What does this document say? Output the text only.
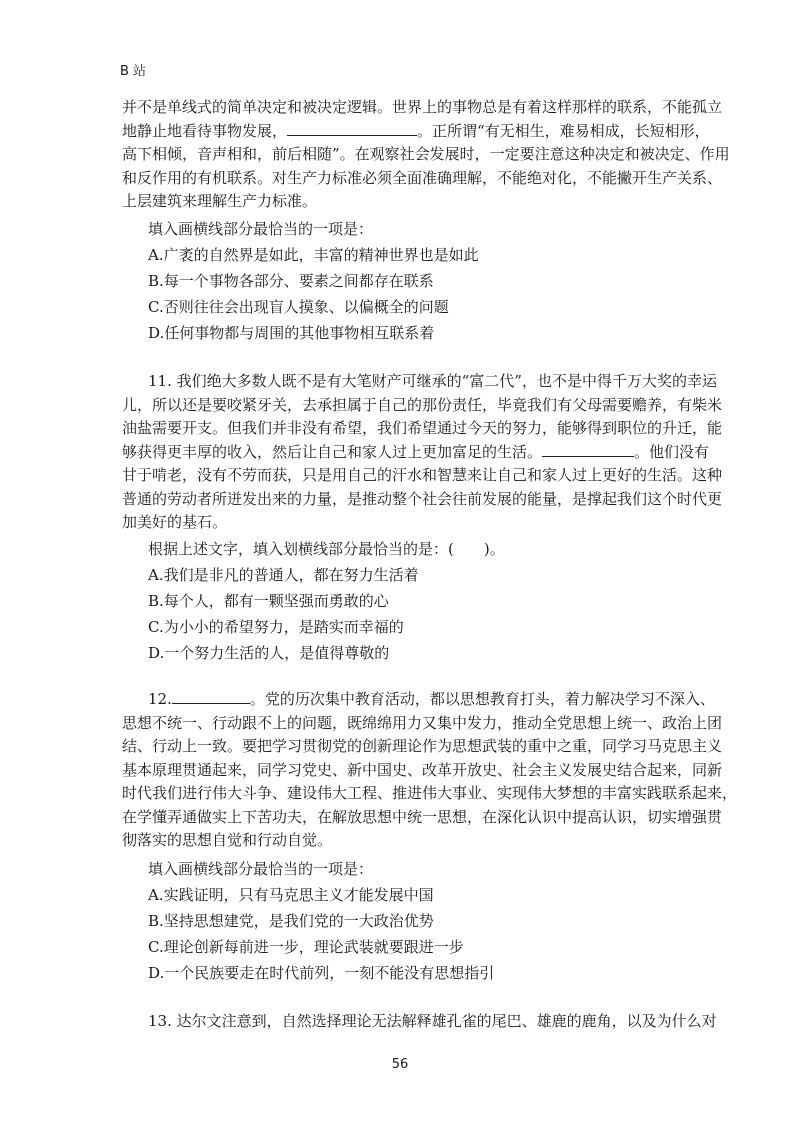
B 站
并不是单线式的简单决定和被决定逻辑。世界上的事物总是有着这样那样的联系，不能孤立
地静止地看待事物发展，	。正所谓“有无相生，难易相成，长短相形，
高下相倾，音声相和，前后相随”。在观察社会发展时，一定要注意这种决定和被决定、作用
和反作用的有机联系。对生产力标准必须全面准确理解，不能绝对化，不能撇开生产关系、
上层建筑来理解生产力标准。
填入画横线部分最恰当的一项是：
A.广袤的自然界是如此，丰富的精神世界也是如此
B.每一个事物各部分、要素之间都存在联系
C.否则往往会出现盲人摸象、以偏概全的问题
D.任何事物都与周围的其他事物相互联系着
11. 我们绝大多数人既不是有大笔财产可继承的“富二代”，也不是中得千万大奖的幸运
儿，所以还是要咬紧牙关，去承担属于自己的那份责任，毕竟我们有父母需要赡养，有柴米
油盐需要开支。但我们并非没有希望，我们希望通过今天的努力，能够得到职位的升迁，能
够获得更丰厚的收入，然后让自己和家人过上更加富足的生活。	。他们没有
甘于啃老，没有不劳而获，只是用自己的汗水和智慧来让自己和家人过上更好的生活。这种
普通的劳动者所迸发出来的力量，是推动整个社会往前发展的能量，是撑起我们这个时代更
加美好的基石。
根据上述文字，填入划横线部分最恰当的是：(　　)。
A.我们是非凡的普通人，都在努力生活着
B.每个人，都有一颗坚强而勇敢的心
C.为小小的希望努力，是踏实而幸福的
D.一个努力生活的人，是值得尊敬的
12.	。党的历次集中教育活动，都以思想教育打头，着力解决学习不深入、
思想不统一、行动跟不上的问题，既绵绵用力又集中发力，推动全党思想上统一、政治上团
结、行动上一致。要把学习贯彻党的创新理论作为思想武装的重中之重，同学习马克思主义
基本原理贯通起来，同学习党史、新中国史、改革开放史、社会主义发展史结合起来，同新
时代我们进行伟大斗争、建设伟大工程、推进伟大事业、实现伟大梦想的丰富实践联系起来，
在学懂弄通做实上下苦功夫，在解放思想中统一思想，在深化认识中提高认识，切实增强贯
彻落实的思想自觉和行动自觉。
填入画横线部分最恰当的一项是：
A.实践证明，只有马克思主义才能发展中国
B.坚持思想建党，是我们党的一大政治优势
C.理论创新每前进一步，理论武装就要跟进一步
D.一个民族要走在时代前列，一刻不能没有思想指引
13. 达尔文注意到，自然选择理论无法解释雄孔雀的尾巴、雄鹿的鹿角，以及为什么对
56
